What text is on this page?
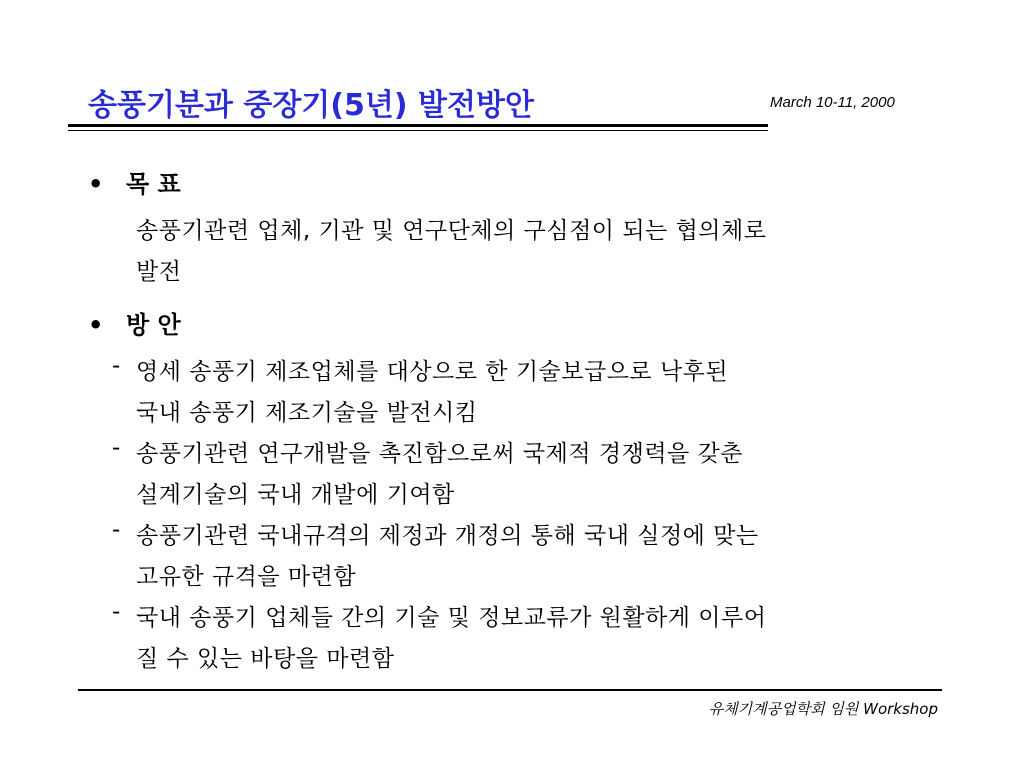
송풍기분과 중장기(5년) 발전방안	March 10-11, 2000
• 목 표
송풍기관련 업체, 기관 및 연구단체의 구심점이 되는 협의체로
발전
• 방 안
- 영세 송풍기 제조업체를 대상으로 한 기술보급으로 낙후된
국내 송풍기 제조기술을 발전시킴
- 송풍기관련 연구개발을 촉진함으로써 국제적 경쟁력을 갖춘
설계기술의 국내 개발에 기여함
- 송풍기관련 국내규격의 제정과 개정의 통해 국내 실정에 맞는
고유한 규격을 마련함
- 국내 송풍기 업체들 간의 기술 및 정보교류가 원활하게 이루어
질 수 있는 바탕을 마련함
유체기계공업학회 임원 Workshop
